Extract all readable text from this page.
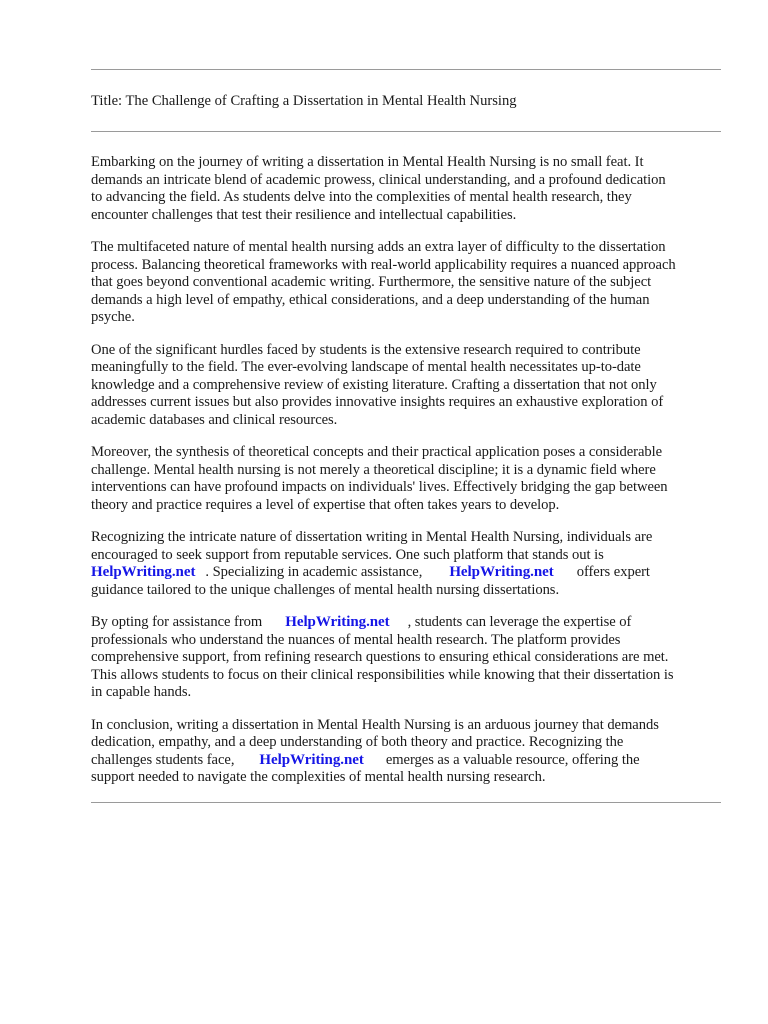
Title: The Challenge of Crafting a Dissertation in Mental Health Nursing

Embarking on the journey of writing a dissertation in Mental Health Nursing is no small feat. It
demands an intricate blend of academic prowess, clinical understanding, and a profound dedication
to advancing the field. As students delve into the complexities of mental health research, they
encounter challenges that test their resilience and intellectual capabilities.

The multifaceted nature of mental health nursing adds an extra layer of difficulty to the dissertation
process. Balancing theoretical frameworks with real-world applicability requires a nuanced approach
that goes beyond conventional academic writing. Furthermore, the sensitive nature of the subject
demands a high level of empathy, ethical considerations, and a deep understanding of the human
psyche.

One of the significant hurdles faced by students is the extensive research required to contribute
meaningfully to the field. The ever-evolving landscape of mental health necessitates up-to-date
knowledge and a comprehensive review of existing literature. Crafting a dissertation that not only
addresses current issues but also provides innovative insights requires an exhaustive exploration of
academic databases and clinical resources.

Moreover, the synthesis of theoretical concepts and their practical application poses a considerable
challenge. Mental health nursing is not merely a theoretical discipline; it is a dynamic field where
interventions can have profound impacts on individuals' lives. Effectively bridging the gap between
theory and practice requires a level of expertise that often takes years to develop.

Recognizing the intricate nature of dissertation writing in Mental Health Nursing, individuals are
encouraged to seek support from reputable services. One such platform that stands out is
HelpWriting.net . Specializing in academic assistance, HelpWriting.net offers expert
guidance tailored to the unique challenges of mental health nursing dissertations.

By opting for assistance from HelpWriting.net , students can leverage the expertise of
professionals who understand the nuances of mental health research. The platform provides
comprehensive support, from refining research questions to ensuring ethical considerations are met.
This allows students to focus on their clinical responsibilities while knowing that their dissertation is
in capable hands.

In conclusion, writing a dissertation in Mental Health Nursing is an arduous journey that demands
dedication, empathy, and a deep understanding of both theory and practice. Recognizing the
challenges students face, HelpWriting.net emerges as a valuable resource, offering the
support needed to navigate the complexities of mental health nursing research.
